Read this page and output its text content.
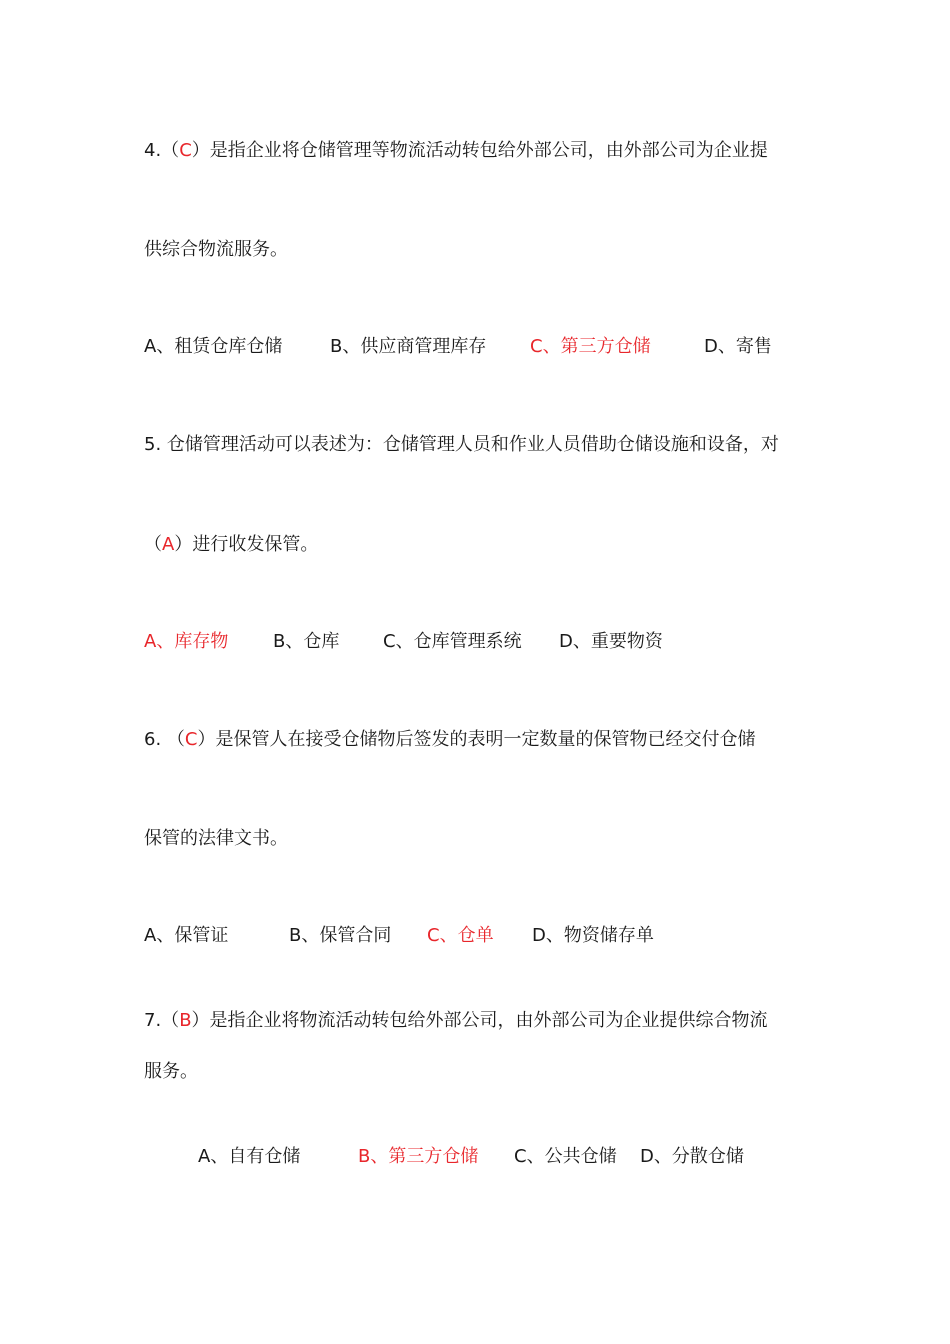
4.（C）是指企业将仓储管理等物流活动转包给外部公司，由外部公司为企业提
供综合物流服务。
A、租赁仓库仓储	B、供应商管理库存 C、第三方仓储	D、寄售
5. 仓储管理活动可以表述为：仓储管理人员和作业人员借助仓储设施和设备，对
（A）进行收发保管。
A、库存物 B、仓库 C、仓库管理系统 D、重要物资
6. （C）是保管人在接受仓储物后签发的表明一定数量的保管物已经交付仓储
保管的法律文书。
A、保管证	B、保管合同 C、仓单 D、物资储存单
7.（B）是指企业将物流活动转包给外部公司，由外部公司为企业提供综合物流
服务。
A、自有仓储	B、第三方仓储 C、公共仓储 D、分散仓储
